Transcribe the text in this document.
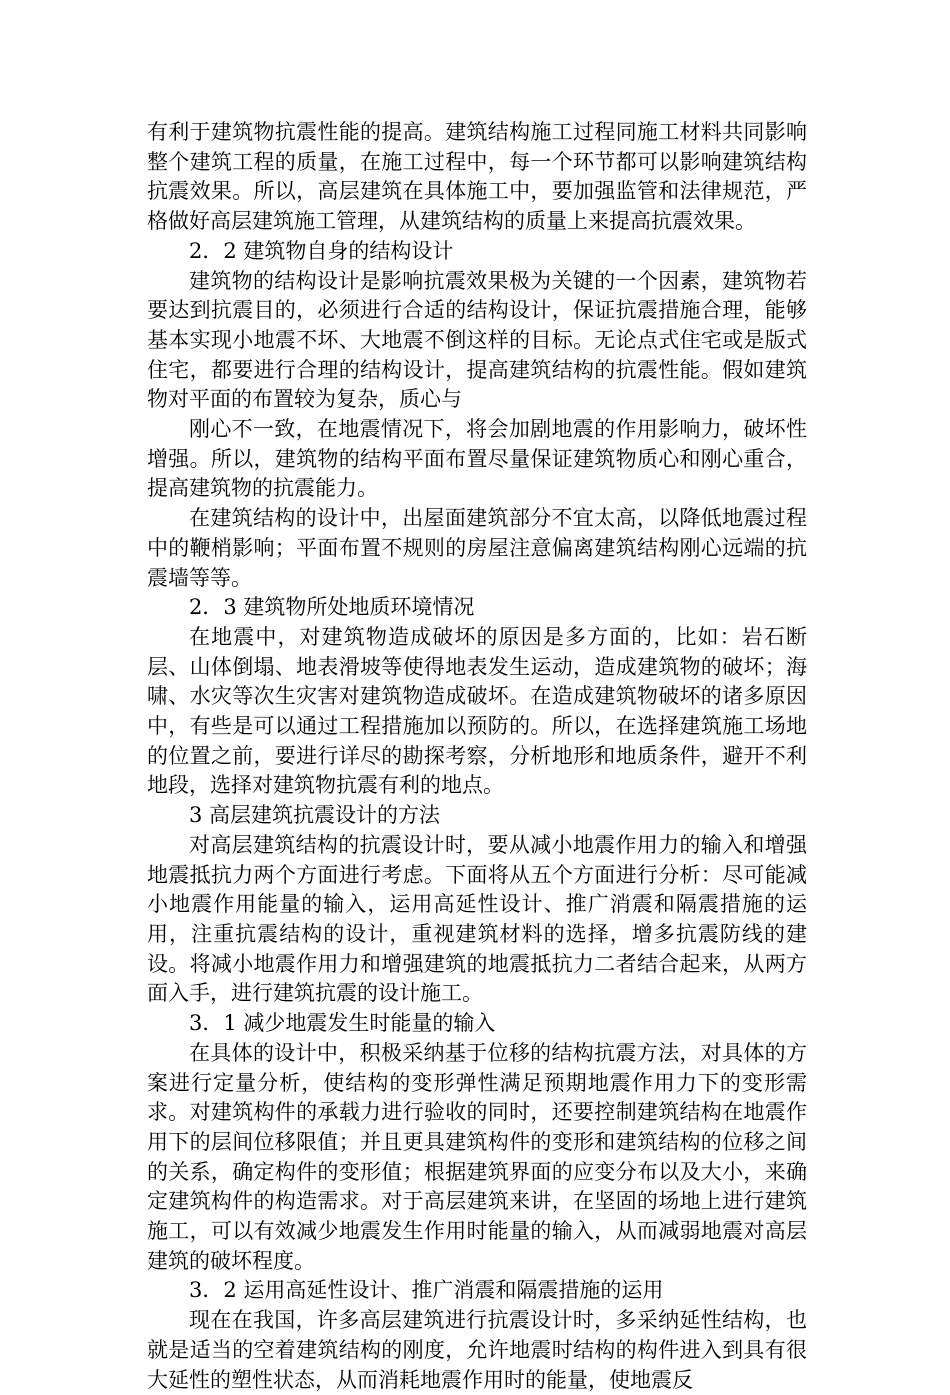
有利于建筑物抗震性能的提高。建筑结构施工过程同施工材料共同影响整个建筑工程的质量，在施工过程中，每一个环节都可以影响建筑结构抗震效果。所以，高层建筑在具体施工中，要加强监管和法律规范，严格做好高层建筑施工管理，从建筑结构的质量上来提高抗震效果。

2．2 建筑物自身的结构设计

建筑物的结构设计是影响抗震效果极为关键的一个因素，建筑物若要达到抗震目的，必须进行合适的结构设计，保证抗震措施合理，能够基本实现小地震不坏、大地震不倒这样的目标。无论点式住宅或是版式住宅，都要进行合理的结构设计，提高建筑结构的抗震性能。假如建筑物对平面的布置较为复杂，质心与

刚心不一致，在地震情况下，将会加剧地震的作用影响力，破坏性增强。所以，建筑物的结构平面布置尽量保证建筑物质心和刚心重合，提高建筑物的抗震能力。

在建筑结构的设计中，出屋面建筑部分不宜太高，以降低地震过程中的鞭梢影响；平面布置不规则的房屋注意偏离建筑结构刚心远端的抗震墙等等。

2．3 建筑物所处地质环境情况

在地震中，对建筑物造成破坏的原因是多方面的，比如：岩石断层、山体倒塌、地表滑坡等使得地表发生运动，造成建筑物的破坏；海啸、水灾等次生灾害对建筑物造成破坏。在造成建筑物破坏的诸多原因中，有些是可以通过工程措施加以预防的。所以，在选择建筑施工场地的位置之前，要进行详尽的勘探考察，分析地形和地质条件，避开不利地段，选择对建筑物抗震有利的地点。

3 高层建筑抗震设计的方法

对高层建筑结构的抗震设计时，要从减小地震作用力的输入和增强地震抵抗力两个方面进行考虑。下面将从五个方面进行分析：尽可能减小地震作用能量的输入，运用高延性设计、推广消震和隔震措施的运用，注重抗震结构的设计，重视建筑材料的选择，增多抗震防线的建设。将减小地震作用力和增强建筑的地震抵抗力二者结合起来，从两方面入手，进行建筑抗震的设计施工。

3．1 减少地震发生时能量的输入

在具体的设计中，积极采纳基于位移的结构抗震方法，对具体的方案进行定量分析，使结构的变形弹性满足预期地震作用力下的变形需求。对建筑构件的承载力进行验收的同时，还要控制建筑结构在地震作用下的层间位移限值；并且更具建筑构件的变形和建筑结构的位移之间的关系，确定构件的变形值；根据建筑界面的应变分布以及大小，来确定建筑构件的构造需求。对于高层建筑来讲，在坚固的场地上进行建筑施工，可以有效减少地震发生作用时能量的输入，从而减弱地震对高层建筑的破坏程度。

3．2 运用高延性设计、推广消震和隔震措施的运用

现在在我国，许多高层建筑进行抗震设计时，多采纳延性结构，也就是适当的空着建筑结构的刚度，允许地震时结构的构件进入到具有很大延性的塑性状态，从而消耗地震作用时的能量，使地震反
